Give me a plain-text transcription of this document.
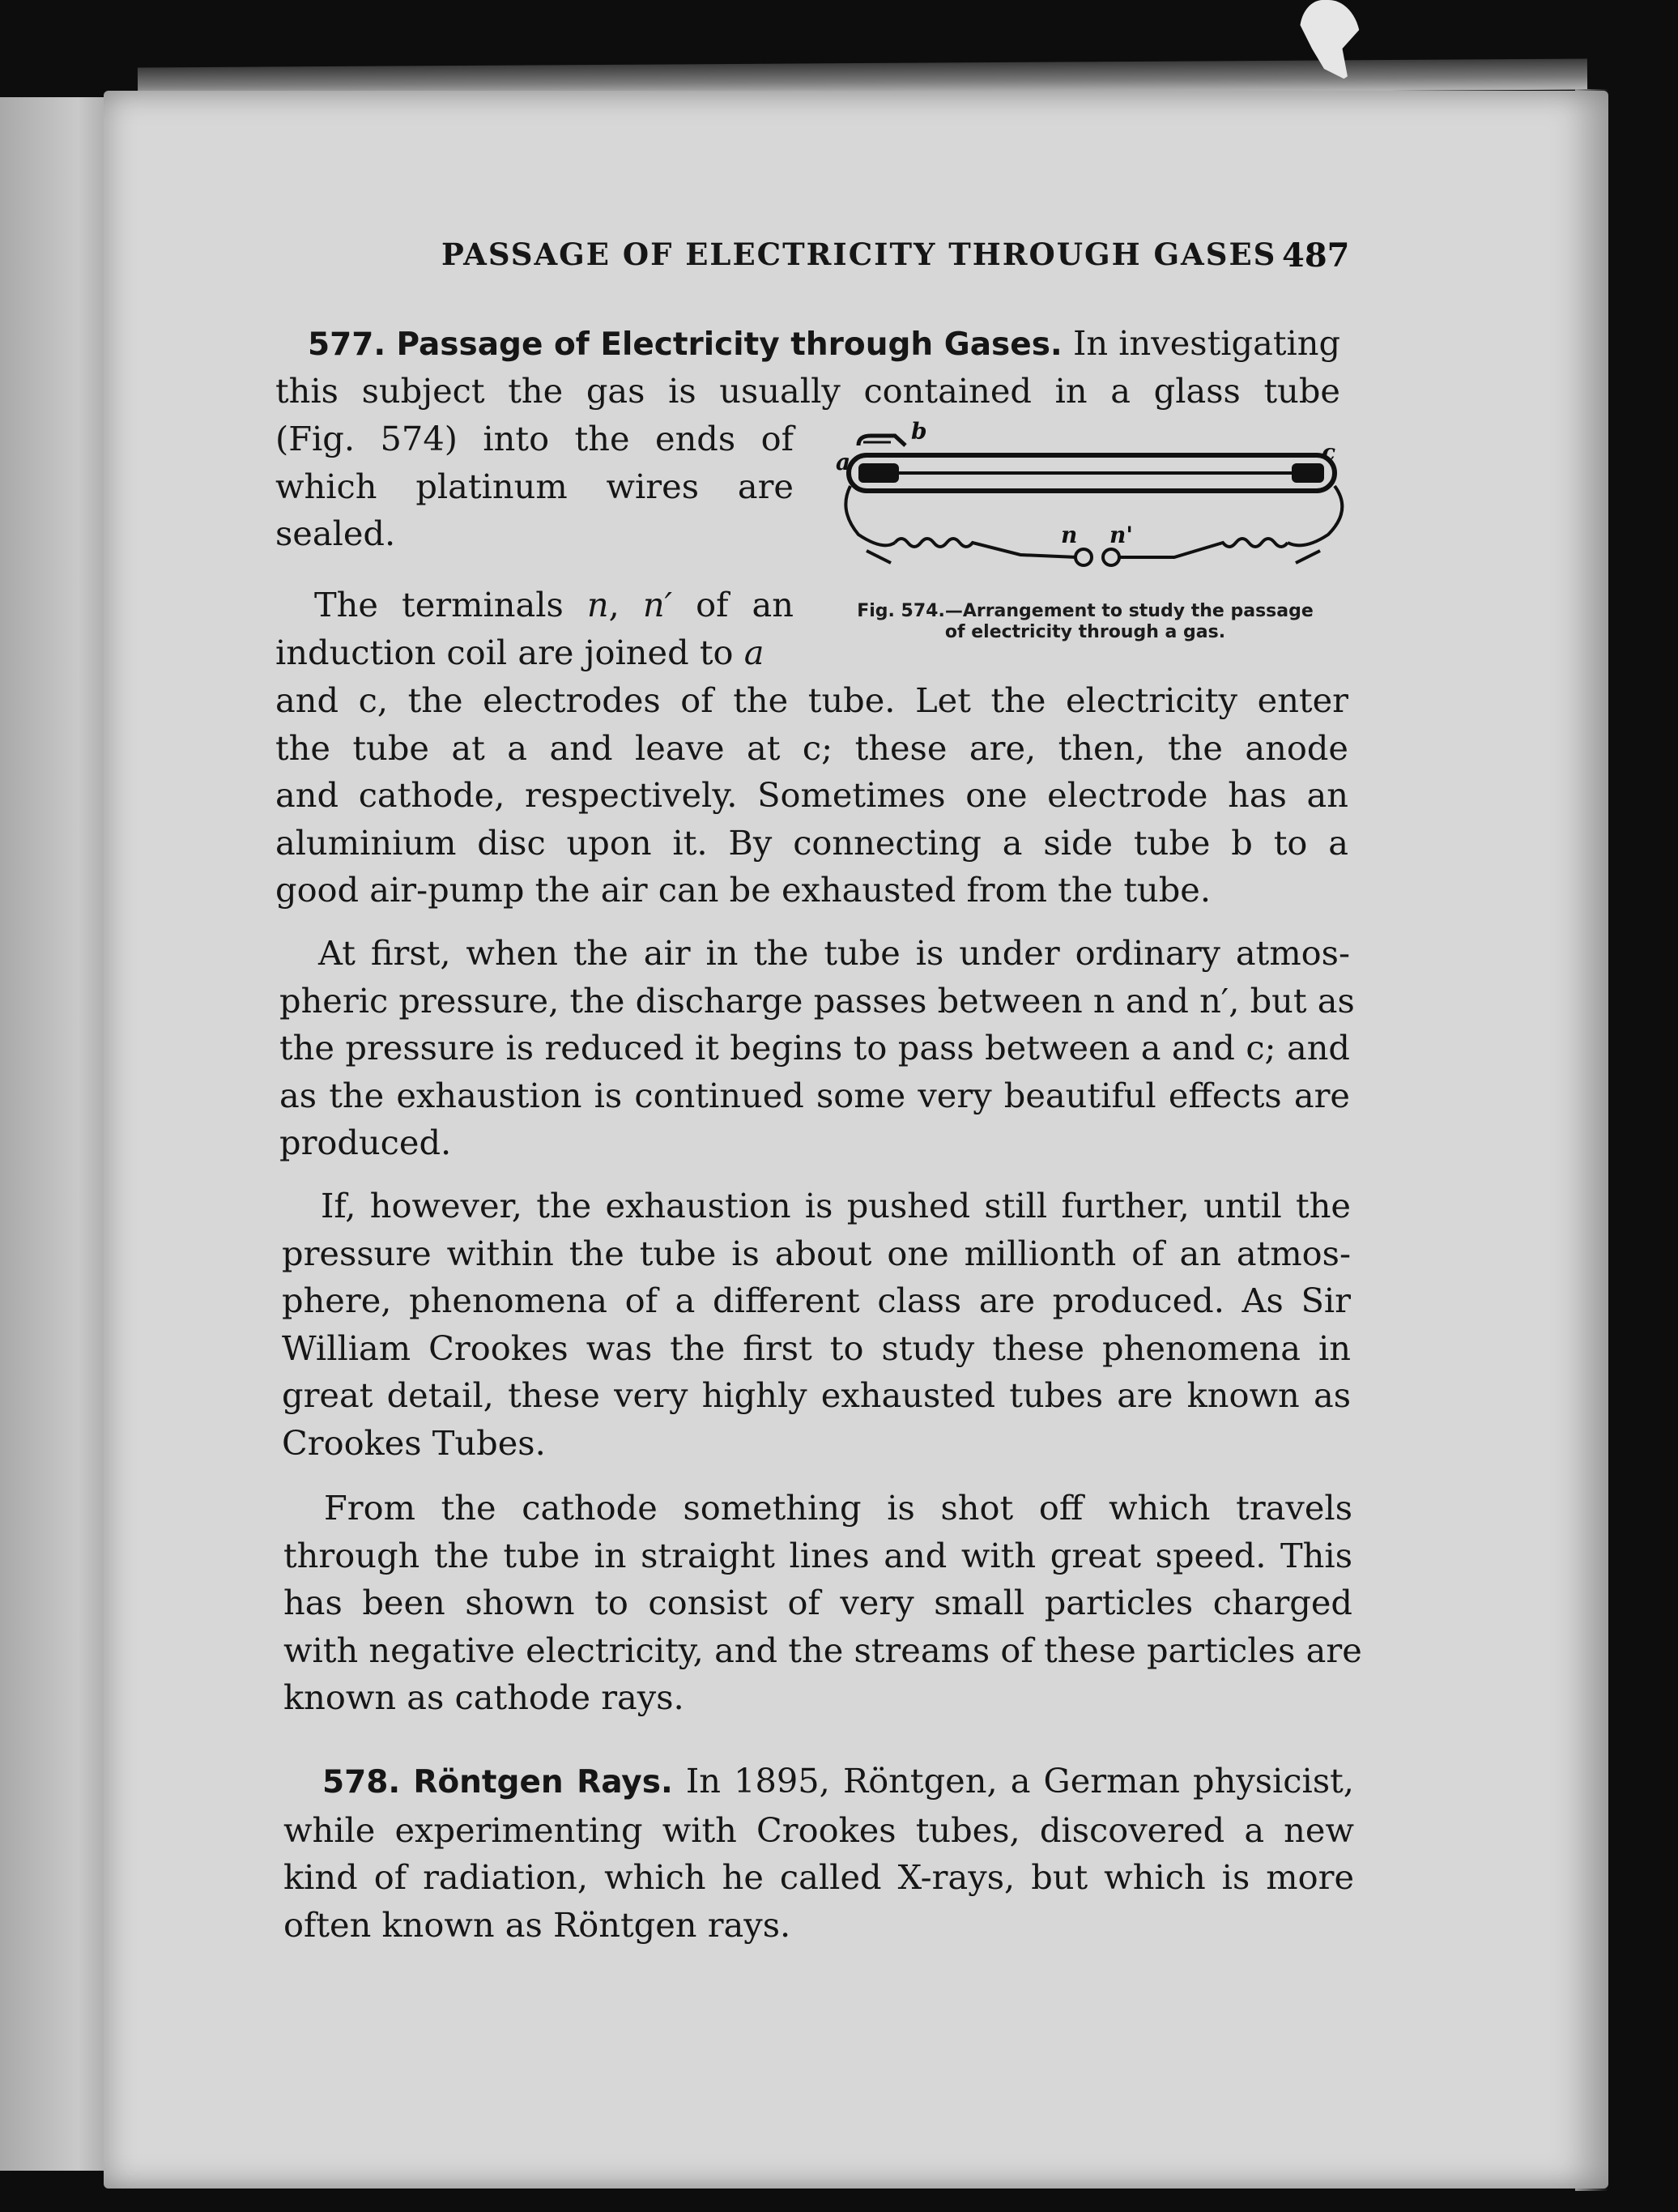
PASSAGE OF ELECTRICITY THROUGH GASES 487
577. Passage of Electricity through Gases. In investigating
this subject the gas is usually contained in a glass tube
(Fig. 574) into the ends of
which platinum wires are
sealed.
b
a	c
n n'
Fig. 574.—Arrangement to study the passage
of electricity through a gas.
The terminals n, n′ of an
induction coil are joined to a
and c, the electrodes of the tube. Let the electricity enter
the tube at a and leave at c; these are, then, the anode
and cathode, respectively. Sometimes one electrode has an
aluminium disc upon it. By connecting a side tube b to a
good air-pump the air can be exhausted from the tube.
At first, when the air in the tube is under ordinary atmos-
pheric pressure, the discharge passes between n and n′, but as
the pressure is reduced it begins to pass between a and c; and
as the exhaustion is continued some very beautiful effects are
produced.
If, however, the exhaustion is pushed still further, until the
pressure within the tube is about one millionth of an atmos-
phere, phenomena of a different class are produced. As Sir
William Crookes was the first to study these phenomena in
great detail, these very highly exhausted tubes are known as
Crookes Tubes.
From the cathode something is shot off which travels
through the tube in straight lines and with great speed. This
has been shown to consist of very small particles charged
with negative electricity, and the streams of these particles are
known as cathode rays.
578. Röntgen Rays. In 1895, Röntgen, a German physicist,
while experimenting with Crookes tubes, discovered a new
kind of radiation, which he called X-rays, but which is more
often known as Röntgen rays.
